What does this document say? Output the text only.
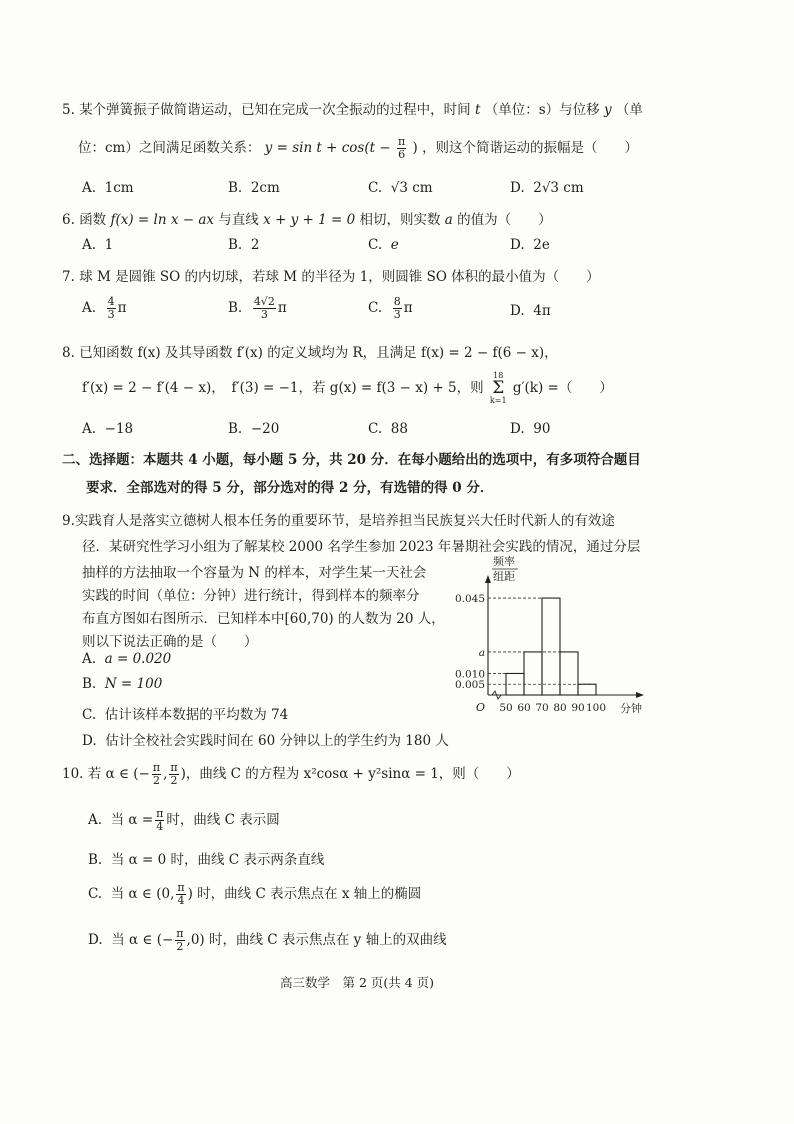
5. 某个弹簧振子做简谐运动，已知在完成一次全振动的过程中，时间 t （单位：s）与位移 y （单
位：cm）之间满足函数关系： $y = \sin t + \cos(t - \frac{\pi}{6}$ ) ，则这个简谐运动的振幅是（　　）
A. 1cm	B. 2cm	C. √3 cm	D. 2√3 cm
6. 函数 f(x) = ln x − ax 与直线 x + y + 1 = 0 相切，则实数 a 的值为（　　）
A. 1	B. 2	C. e	D. 2e
7. 球 M 是圆锥 SO 的内切球，若球 M 的半径为 1，则圆锥 SO 体积的最小值为（　　）
A. $\frac{4}{3}$ π	B. $\frac{4√2}{3}$ π	C. $\frac{8}{3}$ π	D. 4π
8. 已知函数 f(x) 及其导函数 f′(x) 的定义域均为 R，且满足 f(x) = 2 − f(6 − x)，
f′(x) = 2 − f′(4 − x)，　f′(3) = −1，若 g(x) = f(3 − x) + 5，则 18
Σ
k=1 g′(k) =（　　）
A. −18	B. −20	C. 88	D. 90
二、选择题：本题共 4 小题，每小题 5 分，共 20 分．在每小题给出的选项中，有多项符合题目
要求．全部选对的得 5 分，部分选对的得 2 分，有选错的得 0 分．
9.实践育人是落实立德树人根本任务的重要环节，是培养担当民族复兴大任时代新人的有效途
径．某研究性学习小组为了解某校 2000 名学生参加 2023 年暑期社会实践的情况，通过分层
抽样的方法抽取一个容量为 N 的样本，对学生某一天社会
实践的时间（单位：分钟）进行统计，得到样本的频率分
布直方图如右图所示．已知样本中[60,70) 的人数为 20 人，
则以下说法正确的是（　　）
A. a = 0.020
B. N = 100
C. 估计该样本数据的平均数为 74
D. 估计全校社会实践时间在 60 分钟以上的学生约为 180 人
0.045
a
0.010
0.005
50 60 70 80 90 100
O	分钟
频率
组距
10. 若 α ∈ (− $\frac{\pi}{2}$ , $\frac{\pi}{2}$ )，曲线 C 的方程为 x²cosα + y²sinα = 1，则（　　）
A. 当 $\alpha = \frac{\pi}{4}$ 时，曲线 C 表示圆
B. 当 α = 0 时，曲线 C 表示两条直线
C. 当 α ∈ (0, $\frac{\pi}{4}$ ) 时，曲线 C 表示焦点在 x 轴上的椭圆
D. 当 α ∈ (− $\frac{\pi}{2} ,0$) 时，曲线 C 表示焦点在 y 轴上的双曲线
高三数学　第 2 页(共 4 页)
